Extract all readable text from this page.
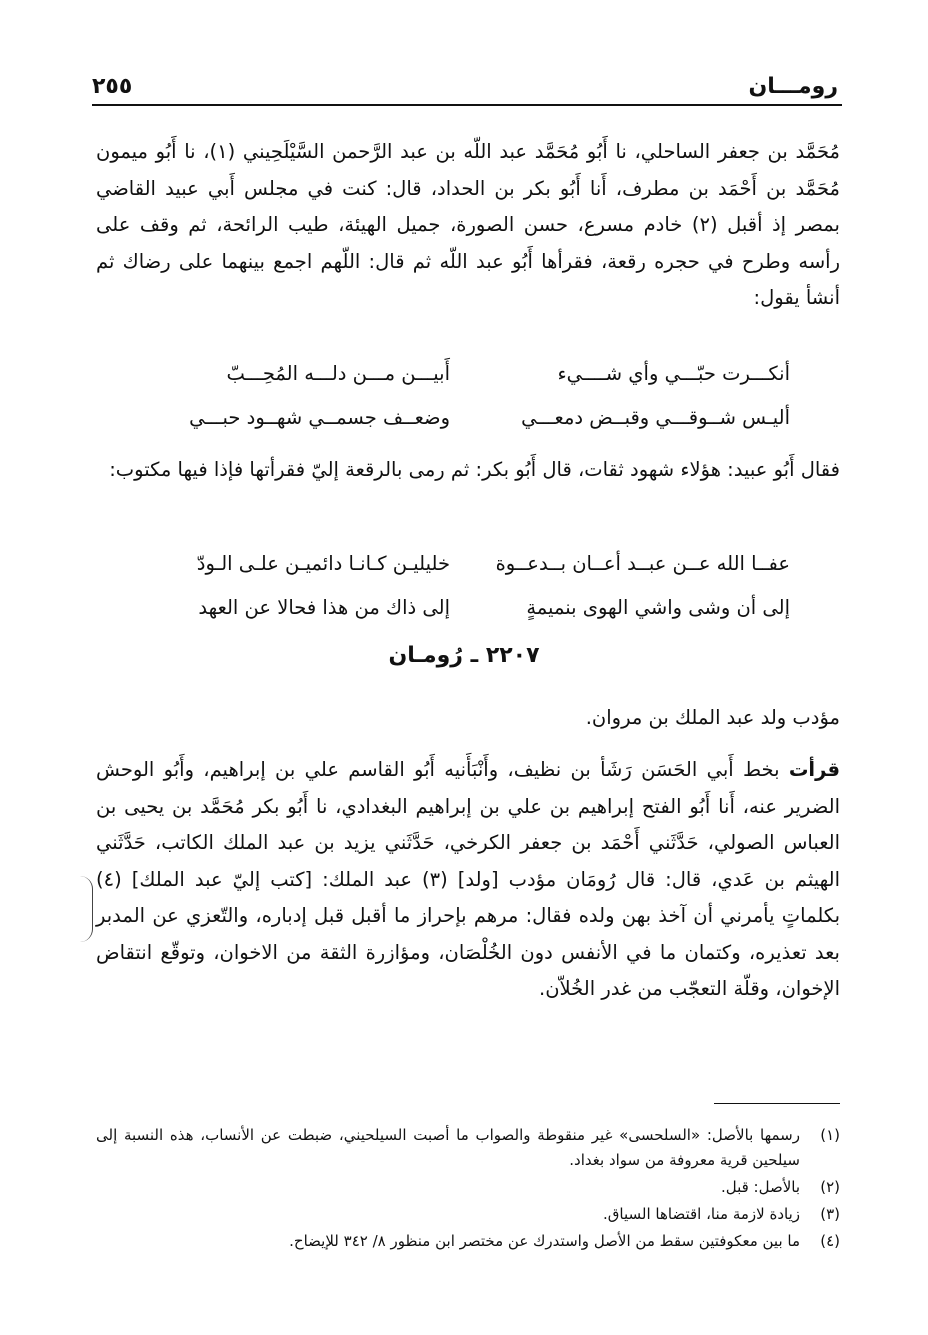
رومـــان
٢٥٥
مُحَمَّد بن جعفر الساحلي، نا أَبُو مُحَمَّد عبد اللّه بن عبد الرَّحمن السَّيْلَحِيني (١)، نا أَبُو ميمون مُحَمَّد بن أَحْمَد بن مطرف، أَنا أَبُو بكر بن الحداد، قال: كنت في مجلس أَبي عبيد القاضي بمصر إذ أقبل (٢) خادم مسرع، حسن الصورة، جميل الهيئة، طيب الرائحة، ثم وقف على رأسه وطرح في حجره رقعة، فقرأها أَبُو عبد اللّه ثم قال: اللّهم اجمع بينهما على رضاك ثم أنشأ يقول:
أنكـــرت حبّـــي وأي شــــيء
أَبيـــن مـــن دلـــه المُحِـــبّ
أليـس شــوقـــي وقبــض دمعـــي
وضعــف جسمــي شهــود حبـــي
فقال أَبُو عبيد: هؤلاء شهود ثقات، قال أَبُو بكر: ثم رمى بالرقعة إليّ فقرأتها فإذا فيها مكتوب:
عفــا الله عــن عبــد أعــان بــدعــوة
خليليـن كـانـا دائميـن علـى الـودّ
إلى أن وشى واشي الهوى بنميمةٍ
إلى ذاك من هذا فحالا عن العهد
٢٢٠٧ ـ رُومـان
مؤدب ولد عبد الملك بن مروان.
قرأت بخط أَبي الحَسَن رَشَأ بن نظيف، وأَنْبَأَنيه أَبُو القاسم علي بن إبراهيم، وأَبُو الوحش الضرير عنه، أَنا أَبُو الفتح إبراهيم بن علي بن إبراهيم البغدادي، نا أَبُو بكر مُحَمَّد بن يحيى بن العباس الصولي، حَدَّثَني أَحْمَد بن جعفر الكرخي، حَدَّثَني يزيد بن عبد الملك الكاتب، حَدَّثَني الهيثم بن عَدي، قال: قال رُومَان مؤدب [ولد] (٣) عبد الملك: [كتب إليّ عبد الملك] (٤) بكلماتٍ يأمرني أن آخذ بهن ولده فقال: مرهم بإحراز ما أقبل قبل إدباره، والتّعزي عن المدبر بعد تعذيره، وكتمان ما في الأنفس دون الخُلْصَان، ومؤازرة الثقة من الاخوان، وتوقّع انتقاض الإخوان، وقلّة التعجّب من غدر الخُلاّن.
(١)
رسمها بالأصل: «السلحسى» غير منقوطة والصواب ما أصبت السيلحيني، ضبطت عن الأنساب، هذه النسبة إلى سيلحين قرية معروفة من سواد بغداد.
(٢)
بالأصل: قبل.
(٣)
زيادة لازمة منا، اقتضاها السياق.
(٤)
ما بين معكوفتين سقط من الأصل واستدرك عن مختصر ابن منظور ٨/ ٣٤٢ للإيضاح.
